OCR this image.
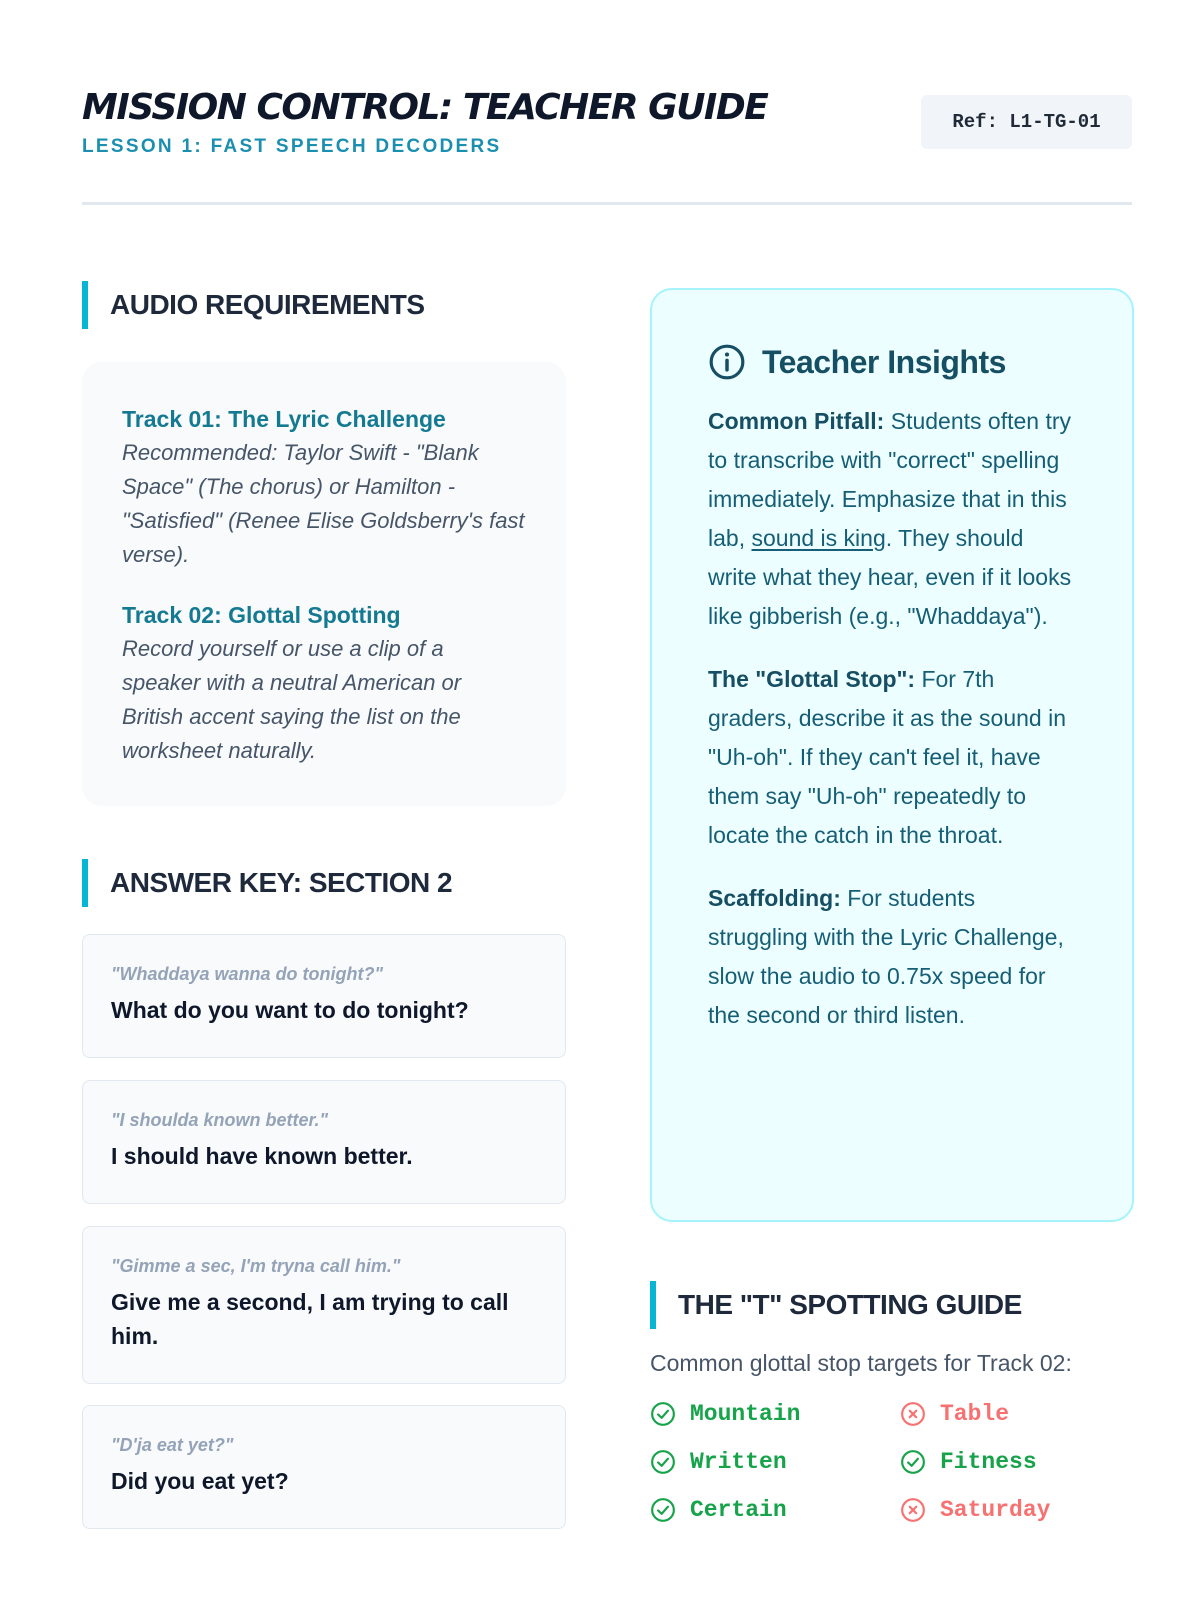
MISSION CONTROL: TEACHER GUIDE
LESSON 1: FAST SPEECH DECODERS
Ref: L1-TG-01
AUDIO REQUIREMENTS
Track 01: The Lyric Challenge
Recommended: Taylor Swift - "Blank Space" (The chorus) or Hamilton - "Satisfied" (Renee Elise Goldsberry's fast verse).
Track 02: Glottal Spotting
Record yourself or use a clip of a speaker with a neutral American or British accent saying the list on the worksheet naturally.
ANSWER KEY: SECTION 2
"Whaddaya wanna do tonight?"
What do you want to do tonight?
"I shoulda known better."
I should have known better.
"Gimme a sec, I'm tryna call him."
Give me a second, I am trying to call him.
"D'ja eat yet?"
Did you eat yet?
Teacher Insights

Common Pitfall: Students often try to transcribe with "correct" spelling immediately. Emphasize that in this lab, sound is king. They should write what they hear, even if it looks like gibberish (e.g., "Whaddaya").

The "Glottal Stop": For 7th graders, describe it as the sound in "Uh-oh". If they can't feel it, have them say "Uh-oh" repeatedly to locate the catch in the throat.

Scaffolding: For students struggling with the Lyric Challenge, slow the audio to 0.75x speed for the second or third listen.

THE "T" SPOTTING GUIDE
Common glottal stop targets for Track 02:
Mountain	Table
Written	Fitness
Certain	Saturday
